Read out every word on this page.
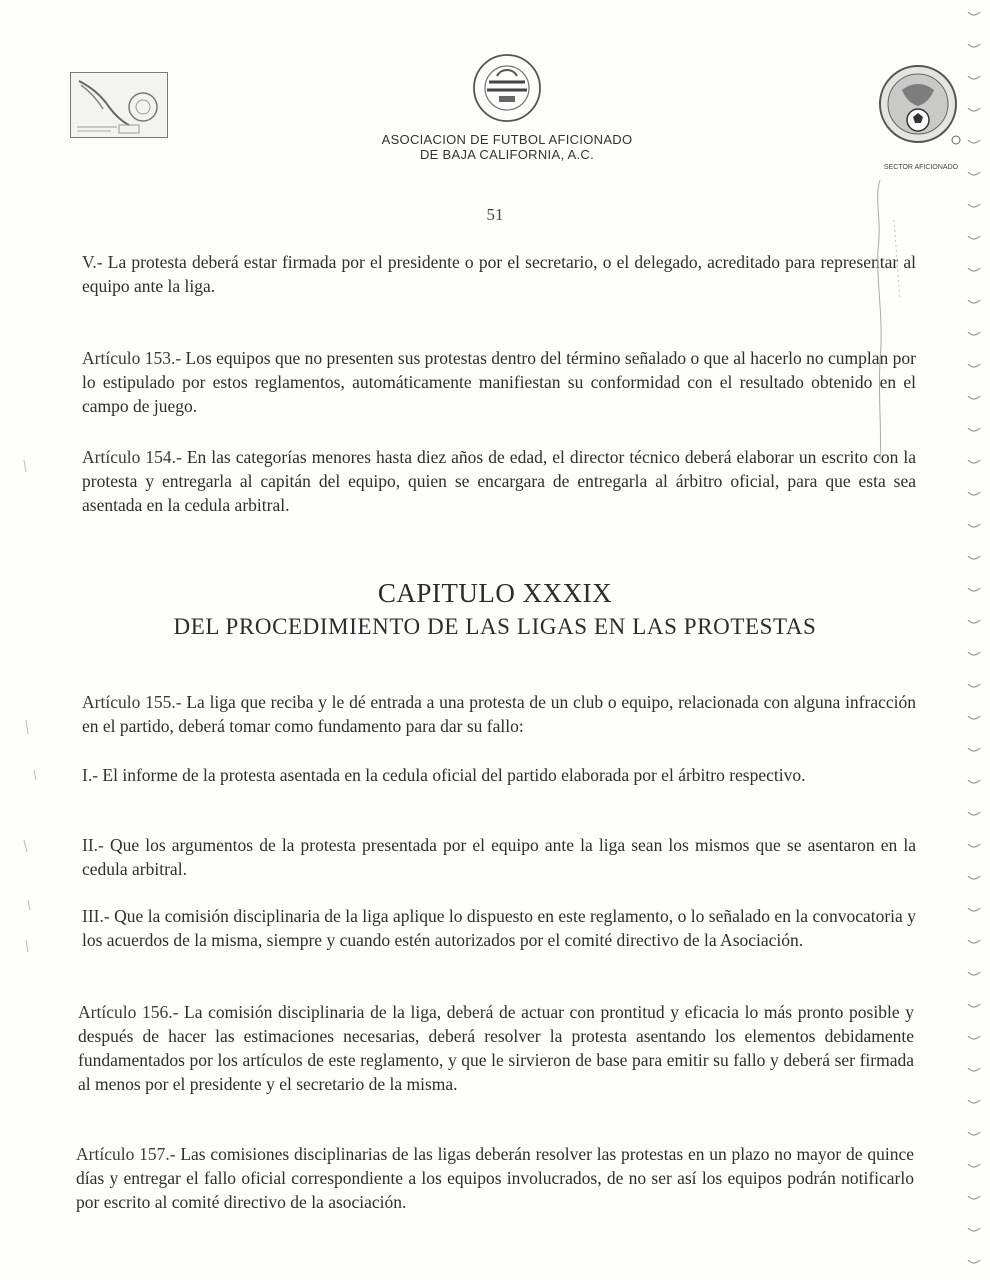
ASOCIACION DE FUTBOL AFICIONADO
DE BAJA CALIFORNIA, A.C.
SECTOR AFICIONADO
51

V.- La protesta deberá estar firmada por el presidente o por el secretario, o el delegado, acreditado para representar al equipo ante la liga.

Artículo 153.- Los equipos que no presenten sus protestas dentro del término señalado o que al hacerlo no cumplan por lo estipulado por estos reglamentos, automáticamente manifiestan su conformidad con el resultado obtenido en el campo de juego.

Artículo 154.- En las categorías menores hasta diez años de edad, el director técnico deberá elaborar un escrito con la protesta y entregarla al capitán del equipo, quien se encargara de entregarla al árbitro oficial, para que esta sea asentada en la cedula arbitral.

CAPITULO XXXIX
DEL PROCEDIMIENTO DE LAS LIGAS EN LAS PROTESTAS

Artículo 155.- La liga que reciba y le dé entrada a una protesta de un club o equipo, relacionada con alguna infracción en el partido, deberá tomar como fundamento para dar su fallo:

I.- El informe de la protesta asentada en la cedula oficial del partido elaborada por el árbitro respectivo.

II.- Que los argumentos de la protesta presentada por el equipo ante la liga sean los mismos que se asentaron en la cedula arbitral.

III.- Que la comisión disciplinaria de la liga aplique lo dispuesto en este reglamento, o lo señalado en la convocatoria y los acuerdos de la misma, siempre y cuando estén autorizados por el comité directivo de la Asociación.

Artículo 156.- La comisión disciplinaria de la liga, deberá de actuar con prontitud y eficacia lo más pronto posible y después de hacer las estimaciones necesarias, deberá resolver la protesta asentando los elementos debidamente fundamentados por los artículos de este reglamento, y que le sirvieron de base para emitir su fallo y deberá ser firmada al menos por el presidente y el secretario de la misma.

Artículo 157.- Las comisiones disciplinarias de las ligas deberán resolver las protestas en un plazo no mayor de quince días y entregar el fallo oficial correspondiente a los equipos involucrados, de no ser así los equipos podrán notificarlo por escrito al comité directivo de la asociación.
